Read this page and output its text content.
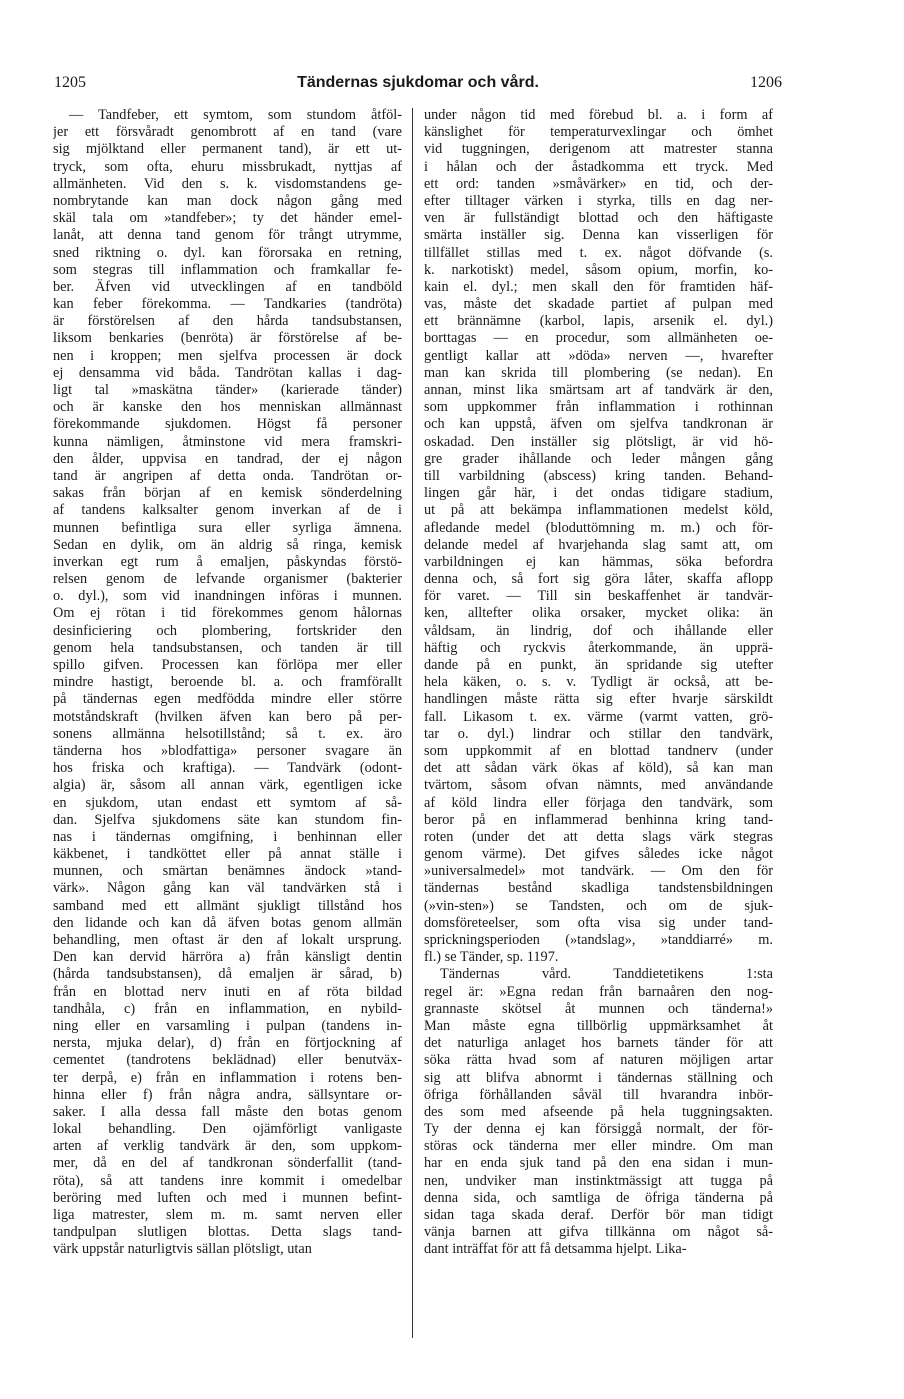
1205	Tändernas sjukdomar och vård.	1206
— Tandfeber, ett symtom, som stundom åtföl-
jer ett försvåradt genombrott af en tand (vare
sig mjölktand eller permanent tand), är ett ut-
tryck, som ofta, ehuru missbrukadt, nyttjas af
allmänheten. Vid den s. k. visdomstandens ge-
nombrytande kan man dock någon gång med
skäl tala om »tandfeber»; ty det händer emel-
lanåt, att denna tand genom för trångt utrymme,
sned riktning o. dyl. kan förorsaka en retning,
som stegras till inflammation och framkallar fe-
ber. Äfven vid utvecklingen af en tandböld
kan feber förekomma. — Tandkaries (tandröta)
är förstörelsen af den hårda tandsubstansen,
liksom benkaries (benröta) är förstörelse af be-
nen i kroppen; men sjelfva processen är dock
ej densamma vid båda. Tandrötan kallas i dag-
ligt tal »maskätna tänder» (karierade tänder)
och är kanske den hos menniskan allmännast
förekommande sjukdomen. Högst få personer
kunna nämligen, åtminstone vid mera framskri-
den ålder, uppvisa en tandrad, der ej någon
tand är angripen af detta onda. Tandrötan or-
sakas från början af en kemisk sönderdelning
af tandens kalksalter genom inverkan af de i
munnen befintliga sura eller syrliga ämnena.
Sedan en dylik, om än aldrig så ringa, kemisk
inverkan egt rum å emaljen, påskyndas förstö-
relsen genom de lefvande organismer (bakterier
o. dyl.), som vid inandningen införas i munnen.
Om ej rötan i tid förekommes genom hålornas
desinficiering och plombering, fortskrider den
genom hela tandsubstansen, och tanden är till
spillo gifven. Processen kan förlöpa mer eller
mindre hastigt, beroende bl. a. och framförallt
på tändernas egen medfödda mindre eller större
motståndskraft (hvilken äfven kan bero på per-
sonens allmänna helsotillstånd; så t. ex. äro
tänderna hos »blodfattiga» personer svagare än
hos friska och kraftiga). — Tandvärk (odont-
algia) är, såsom all annan värk, egentligen icke
en sjukdom, utan endast ett symtom af så-
dan. Sjelfva sjukdomens säte kan stundom fin-
nas i tändernas omgifning, i benhinnan eller
käkbenet, i tandköttet eller på annat ställe i
munnen, och smärtan benämnes ändock »tand-
värk». Någon gång kan väl tandvärken stå i
samband med ett allmänt sjukligt tillstånd hos
den lidande och kan då äfven botas genom allmän
behandling, men oftast är den af lokalt ursprung.
Den kan dervid härröra a) från känsligt dentin
(hårda tandsubstansen), då emaljen är sårad, b)
från en blottad nerv inuti en af röta bildad
tandhåla, c) från en inflammation, en nybild-
ning eller en varsamling i pulpan (tandens in-
nersta, mjuka delar), d) från en förtjockning af
cementet (tandrotens beklädnad) eller benutväx-
ter derpå, e) från en inflammation i rotens ben-
hinna eller f) från några andra, sällsyntare or-
saker. I alla dessa fall måste den botas genom
lokal behandling. Den ojämförligt vanligaste
arten af verklig tandvärk är den, som uppkom-
mer, då en del af tandkronan sönderfallit (tand-
röta), så att tandens inre kommit i omedelbar
beröring med luften och med i munnen befint-
liga matrester, slem m. m. samt nerven eller
tandpulpan slutligen blottas. Detta slags tand-
värk uppstår naturligtvis sällan plötsligt, utan
under någon tid med förebud bl. a. i form af
känslighet för temperaturvexlingar och ömhet
vid tuggningen, derigenom att matrester stanna
i hålan och der åstadkomma ett tryck. Med
ett ord: tanden »småvärker» en tid, och der-
efter tilltager värken i styrka, tills en dag ner-
ven är fullständigt blottad och den häftigaste
smärta inställer sig. Denna kan visserligen för
tillfället stillas med t. ex. något döfvande (s.
k. narkotiskt) medel, såsom opium, morfin, ko-
kain el. dyl.; men skall den för framtiden häf-
vas, måste det skadade partiet af pulpan med
ett brännämne (karbol, lapis, arsenik el. dyl.)
borttagas — en procedur, som allmänheten oe-
gentligt kallar att »döda» nerven —, hvarefter
man kan skrida till plombering (se nedan). En
annan, minst lika smärtsam art af tandvärk är den,
som uppkommer från inflammation i rothinnan
och kan uppstå, äfven om sjelfva tandkronan är
oskadad. Den inställer sig plötsligt, är vid hö-
gre grader ihållande och leder mången gång
till varbildning (abscess) kring tanden. Behand-
lingen går här, i det ondas tidigare stadium,
ut på att bekämpa inflammationen medelst köld,
afledande medel (bloduttömning m. m.) och för-
delande medel af hvarjehanda slag samt att, om
varbildningen ej kan hämmas, söka befordra
denna och, så fort sig göra låter, skaffa aflopp
för varet. — Till sin beskaffenhet är tandvär-
ken, alltefter olika orsaker, mycket olika: än
våldsam, än lindrig, dof och ihållande eller
häftig och ryckvis återkommande, än upprä-
dande på en punkt, än spridande sig utefter
hela käken, o. s. v. Tydligt är också, att be-
handlingen måste rätta sig efter hvarje särskildt
fall. Likasom t. ex. värme (varmt vatten, grö-
tar o. dyl.) lindrar och stillar den tandvärk,
som uppkommit af en blottad tandnerv (under
det att sådan värk ökas af köld), så kan man
tvärtom, såsom ofvan nämnts, med användande
af köld lindra eller förjaga den tandvärk, som
beror på en inflammerad benhinna kring tand-
roten (under det att detta slags värk stegras
genom värme). Det gifves således icke något
»universalmedel» mot tandvärk. — Om den för
tändernas bestånd skadliga tandstensbildningen
(»vin-sten») se Tandsten, och om de sjuk-
domsföreteelser, som ofta visa sig under tand-
sprickningsperioden (»tandslag», »tanddiarré» m.
fl.) se Tänder, sp. 1197.
Tändernas vård. Tanddietetikens 1:sta
regel är: »Egna redan från barnaåren den nog-
grannaste skötsel åt munnen och tänderna!»
Man måste egna tillbörlig uppmärksamhet åt
det naturliga anlaget hos barnets tänder för att
söka rätta hvad som af naturen möjligen artar
sig att blifva abnormt i tändernas ställning och
öfriga förhållanden såväl till hvarandra inbör-
des som med afseende på hela tuggningsakten.
Ty der denna ej kan försiggå normalt, der för-
störas ock tänderna mer eller mindre. Om man
har en enda sjuk tand på den ena sidan i mun-
nen, undviker man instinktmässigt att tugga på
denna sida, och samtliga de öfriga tänderna på
sidan taga skada deraf. Derför bör man tidigt
vänja barnen att gifva tillkänna om något så-
dant inträffat för att få detsamma hjelpt. Lika-
